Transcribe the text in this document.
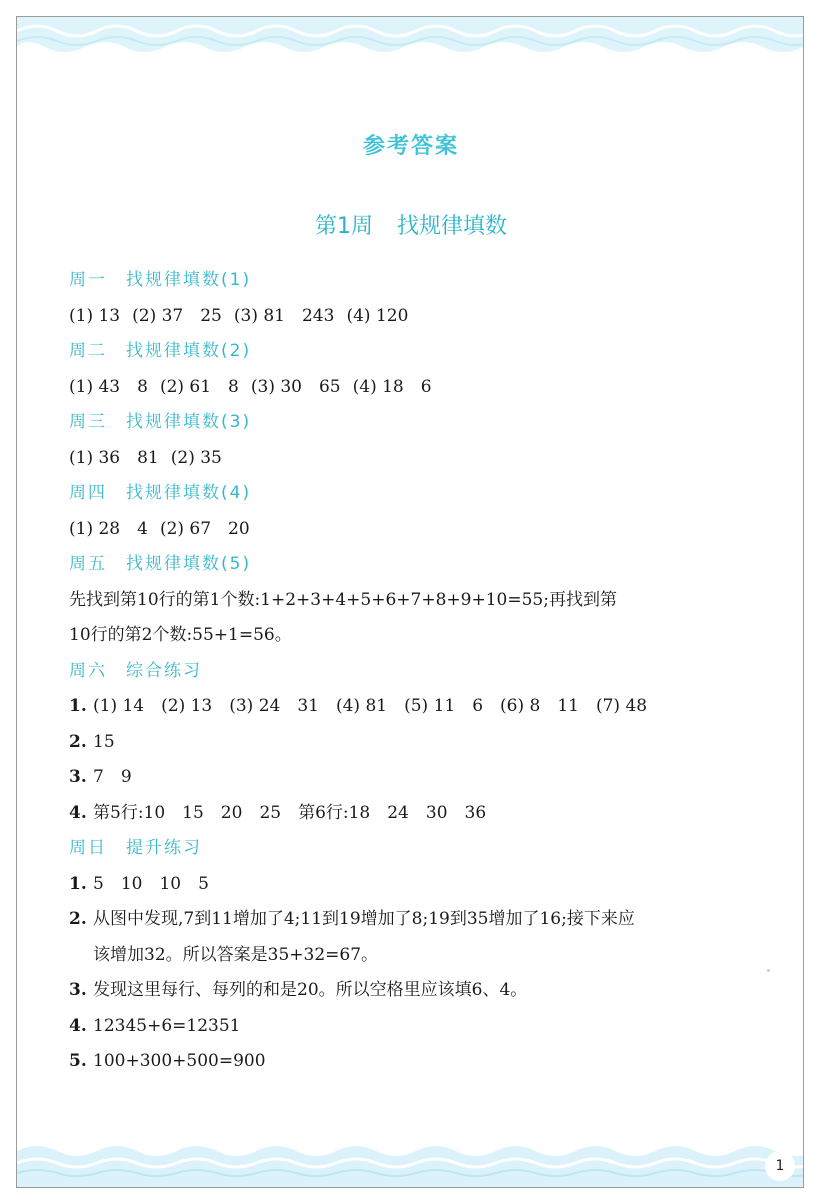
1
参考答案
第1周 找规律填数
周一　找规律填数(1)
(1) 13 (2) 37　25 (3) 81　243 (4) 120
周二　找规律填数(2)
(1) 43　8 (2) 61　8 (3) 30　65 (4) 18　6
周三　找规律填数(3)
(1) 36　81 (2) 35
周四　找规律填数(4)
(1) 28　4 (2) 67　20
周五　找规律填数(5)
先找到第10行的第1个数:1+2+3+4+5+6+7+8+9+10=55;再找到第
10行的第2个数:55+1=56。
周六　综合练习
1. (1) 14　(2) 13　(3) 24　31　(4) 81　(5) 11　6　(6) 8　11　(7) 48
2. 15
3. 7　9
4. 第5行:10　15　20　25　第6行:18　24　30　36
周日　提升练习
1. 5　10　10　5
2. 从图中发现,7到11增加了4;11到19增加了8;19到35增加了16;接下来应
该增加32。所以答案是35+32=67。
3. 发现这里每行、每列的和是20。所以空格里应该填6、4。
4. 12345+6=12351
5. 100+300+500=900
